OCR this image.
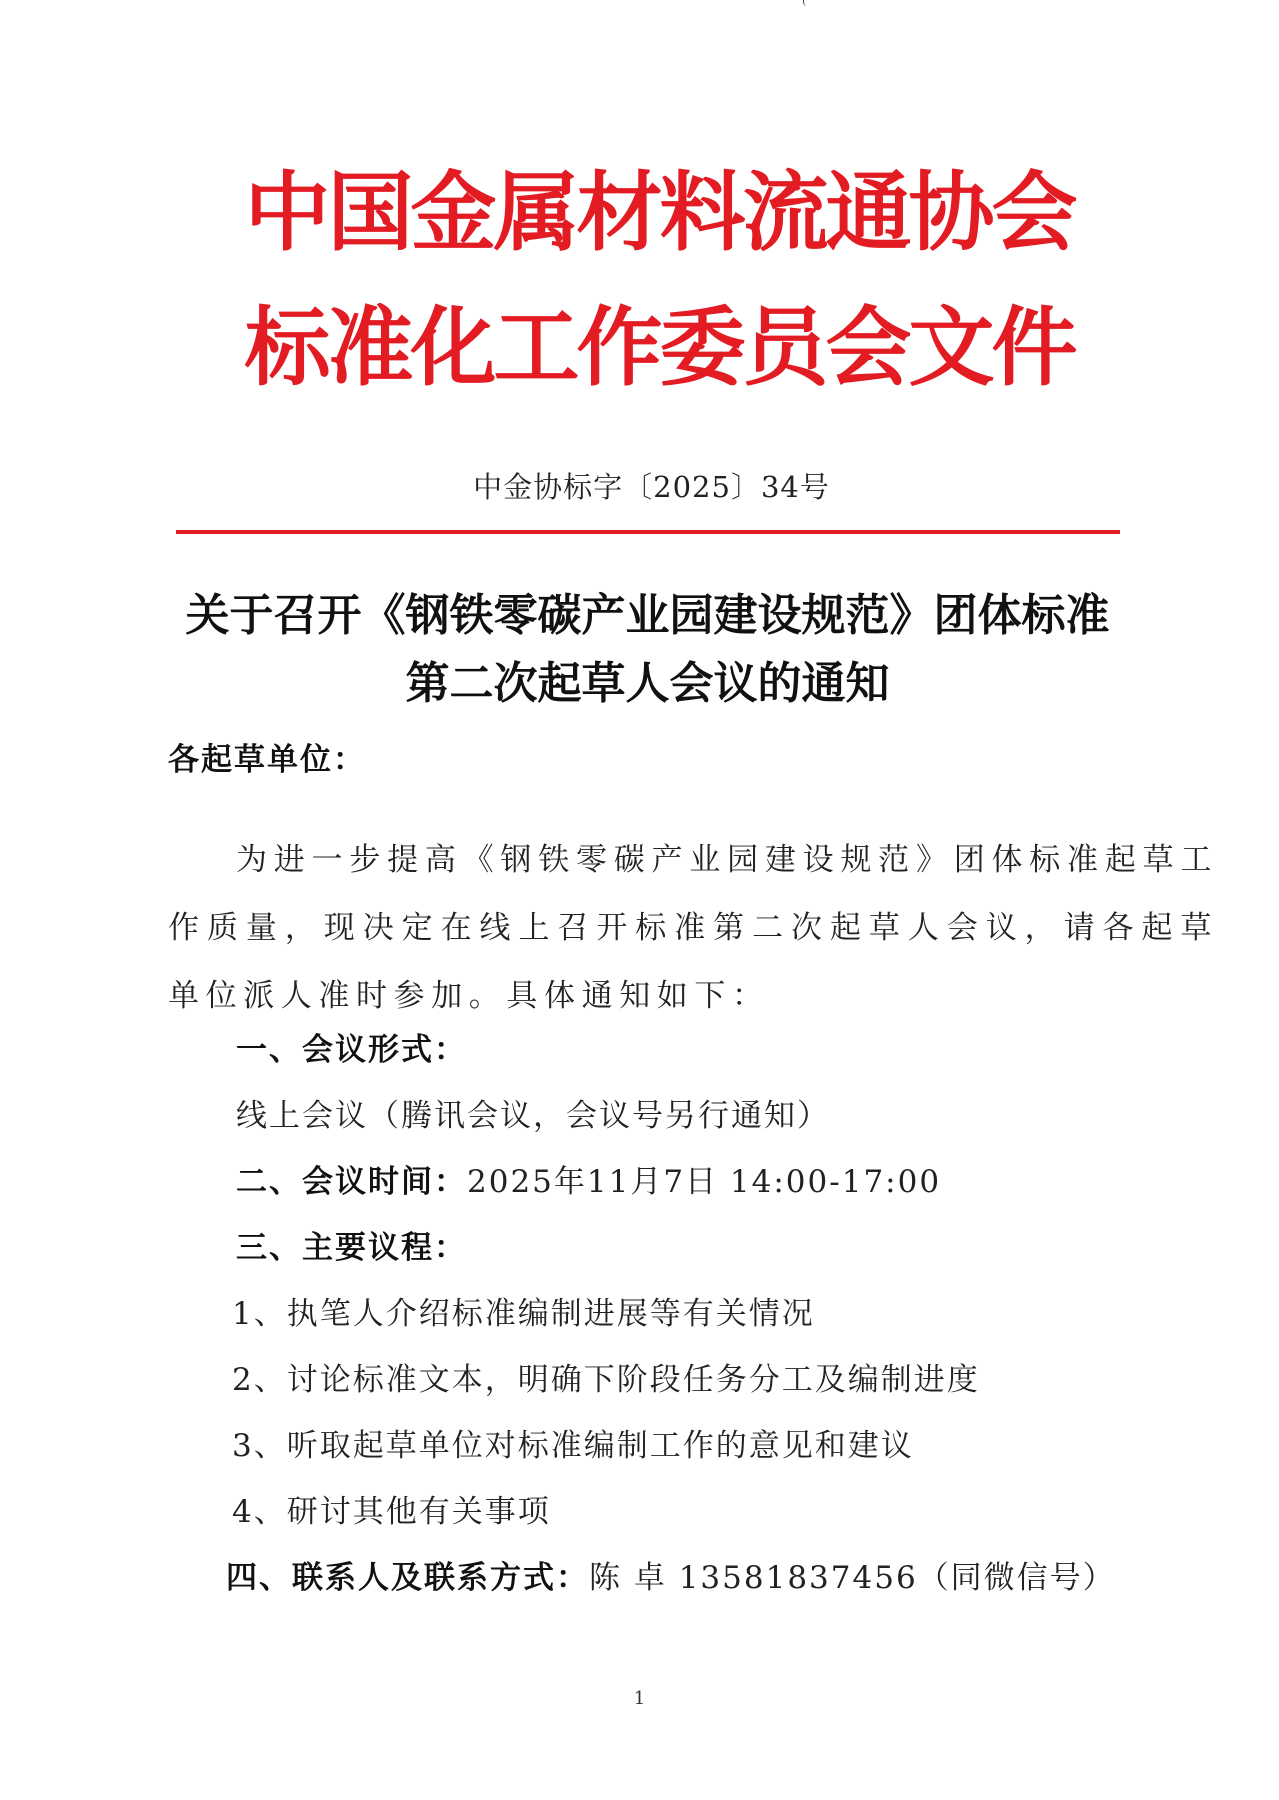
中国金属材料流通协会
标准化工作委员会文件
中金协标字〔2025〕34号
关于召开《钢铁零碳产业园建设规范》团体标准
第二次起草人会议的通知
各起草单位：
为进一步提高《钢铁零碳产业园建设规范》团体标准起草工作质量，现决定在线上召开标准第二次起草人会议，请各起草单位派人准时参加。具体通知如下：
一、会议形式：
线上会议（腾讯会议，会议号另行通知）
二、会议时间：2025年11月7日 14:00-17:00
三、主要议程：
1、执笔人介绍标准编制进展等有关情况
2、讨论标准文本，明确下阶段任务分工及编制进度
3、听取起草单位对标准编制工作的意见和建议
4、研讨其他有关事项
四、联系人及联系方式：陈 卓 13581837456（同微信号）
1
